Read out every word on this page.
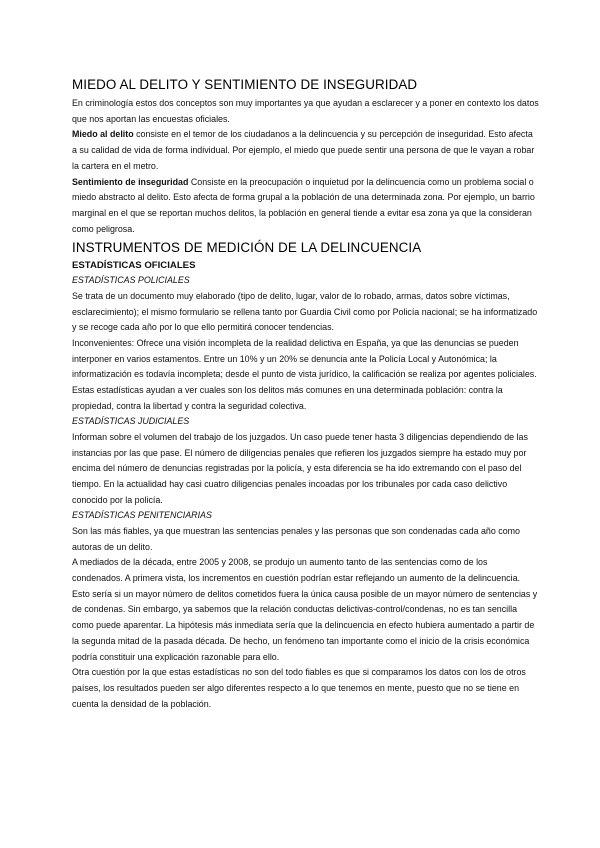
MIEDO AL DELITO Y SENTIMIENTO DE INSEGURIDAD

En criminología estos dos conceptos son muy importantes ya que ayudan a esclarecer y a poner en contexto los datos que nos aportan las encuestas oficiales.

Miedo al delito consiste en el temor de los ciudadanos a la delincuencia y su percepción de inseguridad. Esto afecta a su calidad de vida de forma individual. Por ejemplo, el miedo que puede sentir una persona de que le vayan a robar la cartera en el metro.

Sentimiento de inseguridad Consiste en la preocupación o inquietud por la delincuencia como un problema social o miedo abstracto al delito. Esto afecta de forma grupal a la población de una determinada zona. Por ejemplo, un barrio marginal en el que se reportan muchos delitos, la población en general tiende a evitar esa zona ya que la consideran como peligrosa.

INSTRUMENTOS DE MEDICIÓN DE LA DELINCUENCIA
ESTADÍSTICAS OFICIALES
ESTADÍSTICAS POLICIALES

Se trata de un documento muy elaborado (tipo de delito, lugar, valor de lo robado, armas, datos sobre víctimas, esclarecimiento); el mismo formulario se rellena tanto por Guardia Civil como por Policía nacional; se ha informatizado y se recoge cada año por lo que ello permitirá conocer tendencias.

Inconvenientes: Ofrece una visión incompleta de la realidad delictiva en España, ya que las denuncias se pueden interponer en varios estamentos. Entre un 10% y un 20% se denuncia ante la Policía Local y Autonómica; la informatización es todavía incompleta; desde el punto de vista jurídico, la calificación se realiza por agentes policiales.

Estas estadísticas ayudan a ver cuales son los delitos más comunes en una determinada población: contra la propiedad, contra la libertad y contra la seguridad colectiva.

ESTADÍSTICAS JUDICIALES

Informan sobre el volumen del trabajo de los juzgados. Un caso puede tener hasta 3 diligencias dependiendo de las instancias por las que pase. El número de diligencias penales que refieren los juzgados siempre ha estado muy por encima del número de denuncias registradas por la policía, y esta diferencia se ha ido extremando con el paso del tiempo. En la actualidad hay casi cuatro diligencias penales incoadas por los tribunales por cada caso delictivo conocido por la policía.

ESTADÍSTICAS PENITENCIARIAS

Son las más fiables, ya que muestran las sentencias penales y las personas que son condenadas cada año como autoras de un delito.

A mediados de la década, entre 2005 y 2008, se produjo un aumento tanto de las sentencias como de los condenados. A primera vista, los incrementos en cuestión podrían estar reflejando un aumento de la delincuencia. Esto sería si un mayor número de delitos cometidos fuera la única causa posible de un mayor número de sentencias y de condenas. Sin embargo, ya sabemos que la relación conductas delictivas-control/condenas, no es tan sencilla como puede aparentar. La hipótesis más inmediata sería que la delincuencia en efecto hubiera aumentado a partir de la segunda mitad de la pasada década. De hecho, un fenómeno tan importante como el inicio de la crisis económica podría constituir una explicación razonable para ello.

Otra cuestión por la que estas estadísticas no son del todo fiables es que si comparamos los datos con los de otros países, los resultados pueden ser algo diferentes respecto a lo que tenemos en mente, puesto que no se tiene en cuenta la densidad de la población.
